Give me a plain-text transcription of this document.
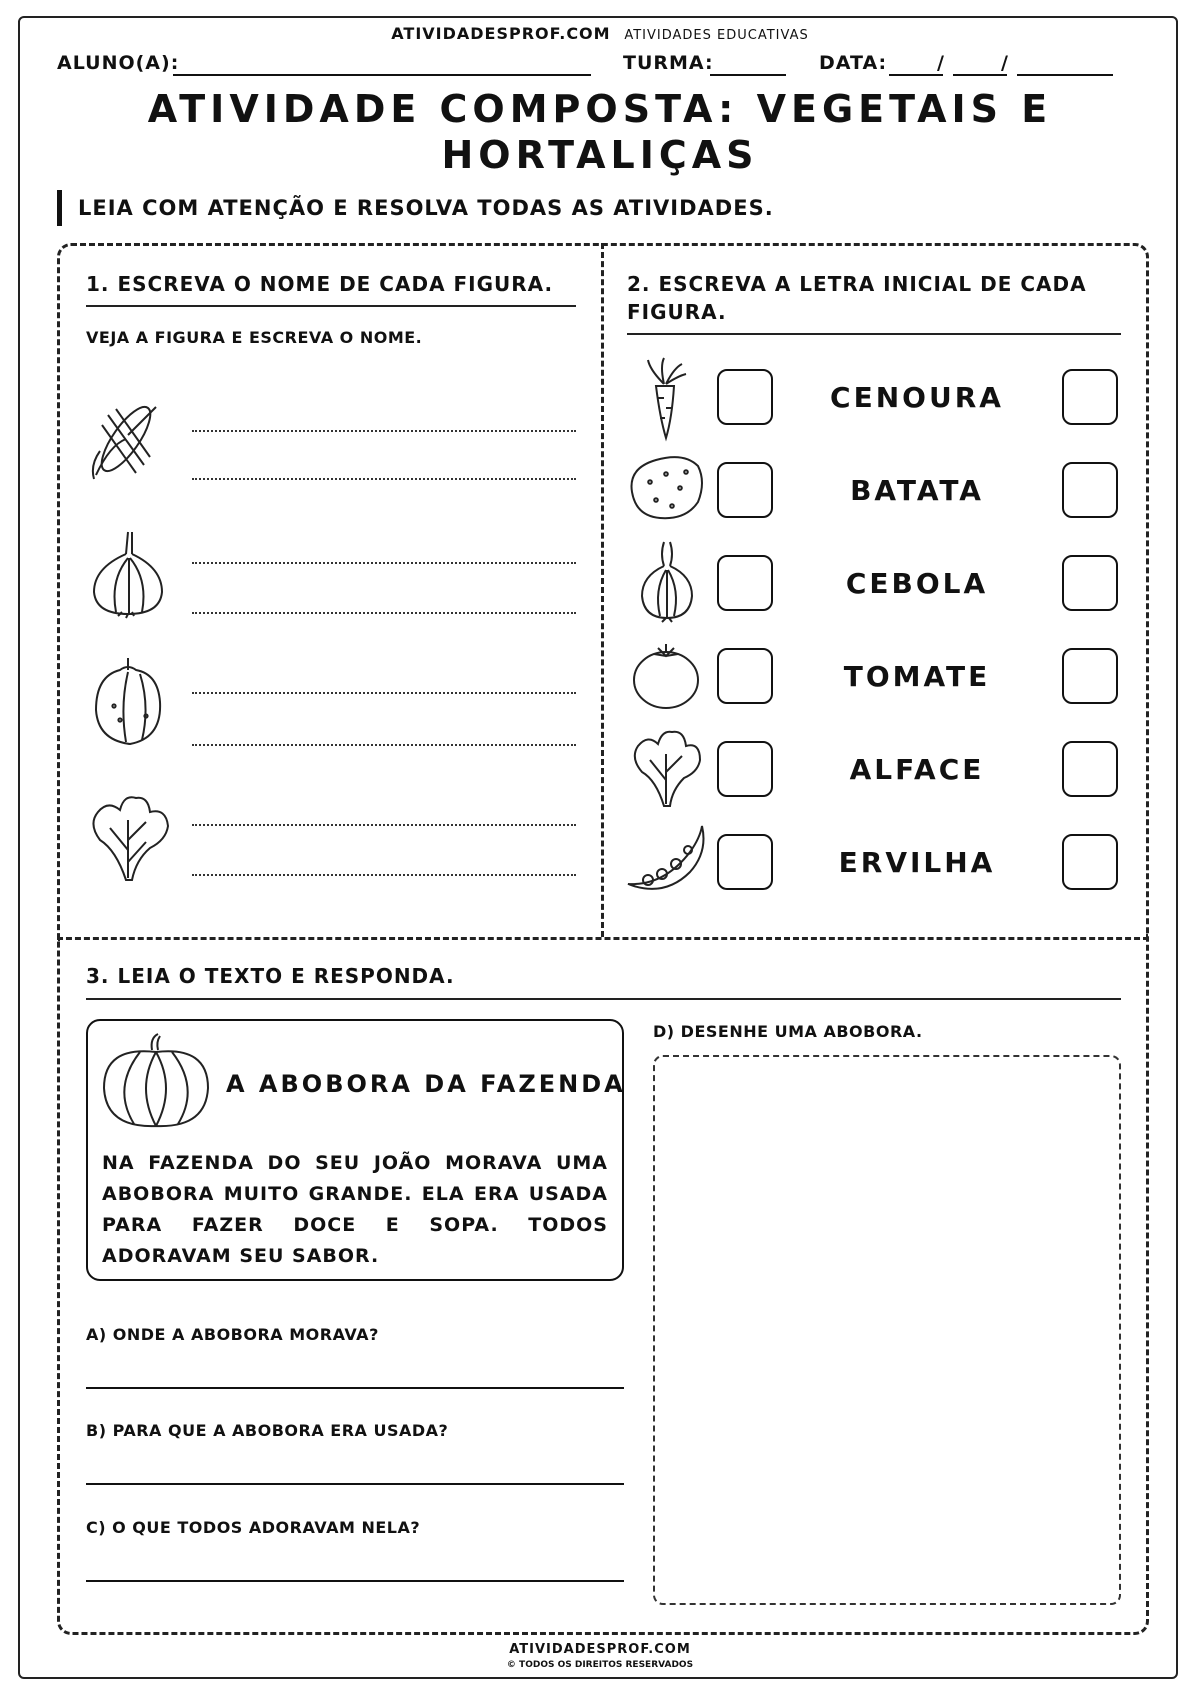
ATIVIDADESPROF.COM ATIVIDADES EDUCATIVAS
ALUNO(A):	TURMA:	DATA:	/	/
ATIVIDADE COMPOSTA: VEGETAIS E
HORTALIÇAS
LEIA COM ATENÇÃO E RESOLVA TODAS AS ATIVIDADES.
1. ESCREVA O NOME DE CADA FIGURA.
VEJA A FIGURA E ESCREVA O NOME.
2. ESCREVA A LETRA INICIAL DE CADA
FIGURA.
CENOURA
BATATA
CEBOLA
TOMATE
ALFACE
ERVILHA
3. LEIA O TEXTO E RESPONDA.
A ABOBORA DA FAZENDA
NA FAZENDA DO SEU JOÃO MORAVA UMA ABOBORA MUITO GRANDE. ELA ERA USADA PARA FAZER DOCE E SOPA. TODOS ADORAVAM SEU SABOR.
A) ONDE A ABOBORA MORAVA?
B) PARA QUE A ABOBORA ERA USADA?
C) O QUE TODOS ADORAVAM NELA?
D) DESENHE UMA ABOBORA.
ATIVIDADESPROF.COM
© TODOS OS DIREITOS RESERVADOS
